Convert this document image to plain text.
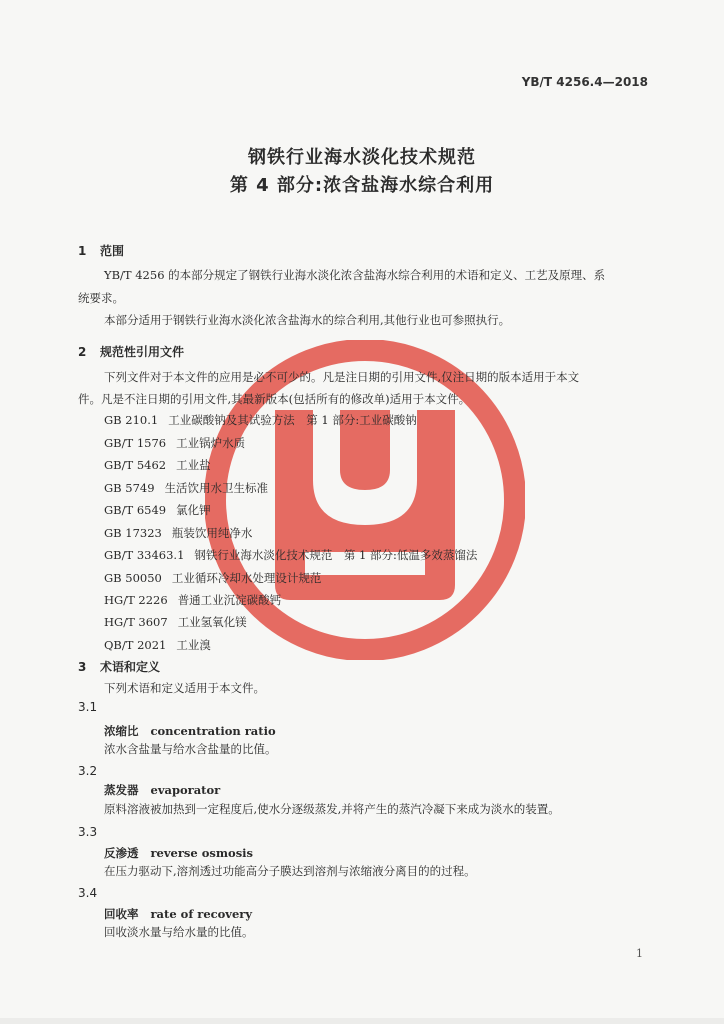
YB/T 4256.4—2018
钢铁行业海水淡化技术规范
第 4 部分:浓含盐海水综合利用
1 范围
YB/T 4256 的本部分规定了钢铁行业海水淡化浓含盐海水综合利用的术语和定义、工艺及原理、系
统要求。
本部分适用于钢铁行业海水淡化浓含盐海水的综合利用,其他行业也可参照执行。
2 规范性引用文件
下列文件对于本文件的应用是必不可少的。凡是注日期的引用文件,仅注日期的版本适用于本文
件。凡是不注日期的引用文件,其最新版本(包括所有的修改单)适用于本文件。
GB 210.1 工业碳酸钠及其试验方法　第 1 部分:工业碳酸钠
GB/T 1576 工业锅炉水质
GB/T 5462 工业盐
GB 5749 生活饮用水卫生标准
GB/T 6549 氯化钾
GB 17323 瓶装饮用纯净水
GB/T 33463.1 钢铁行业海水淡化技术规范　第 1 部分:低温多效蒸馏法
GB 50050 工业循环冷却水处理设计规范
HG/T 2226 普通工业沉淀碳酸钙
HG/T 3607 工业氢氧化镁
QB/T 2021 工业溴
3 术语和定义
下列术语和定义适用于本文件。
3.1
浓缩比 concentration ratio
浓水含盐量与给水含盐量的比值。
3.2
蒸发器 evaporator
原料溶液被加热到一定程度后,使水分逐级蒸发,并将产生的蒸汽冷凝下来成为淡水的装置。
3.3
反渗透 reverse osmosis
在压力驱动下,溶剂透过功能高分子膜达到溶剂与浓缩液分离目的的过程。
3.4
回收率 rate of recovery
回收淡水量与给水量的比值。
1
